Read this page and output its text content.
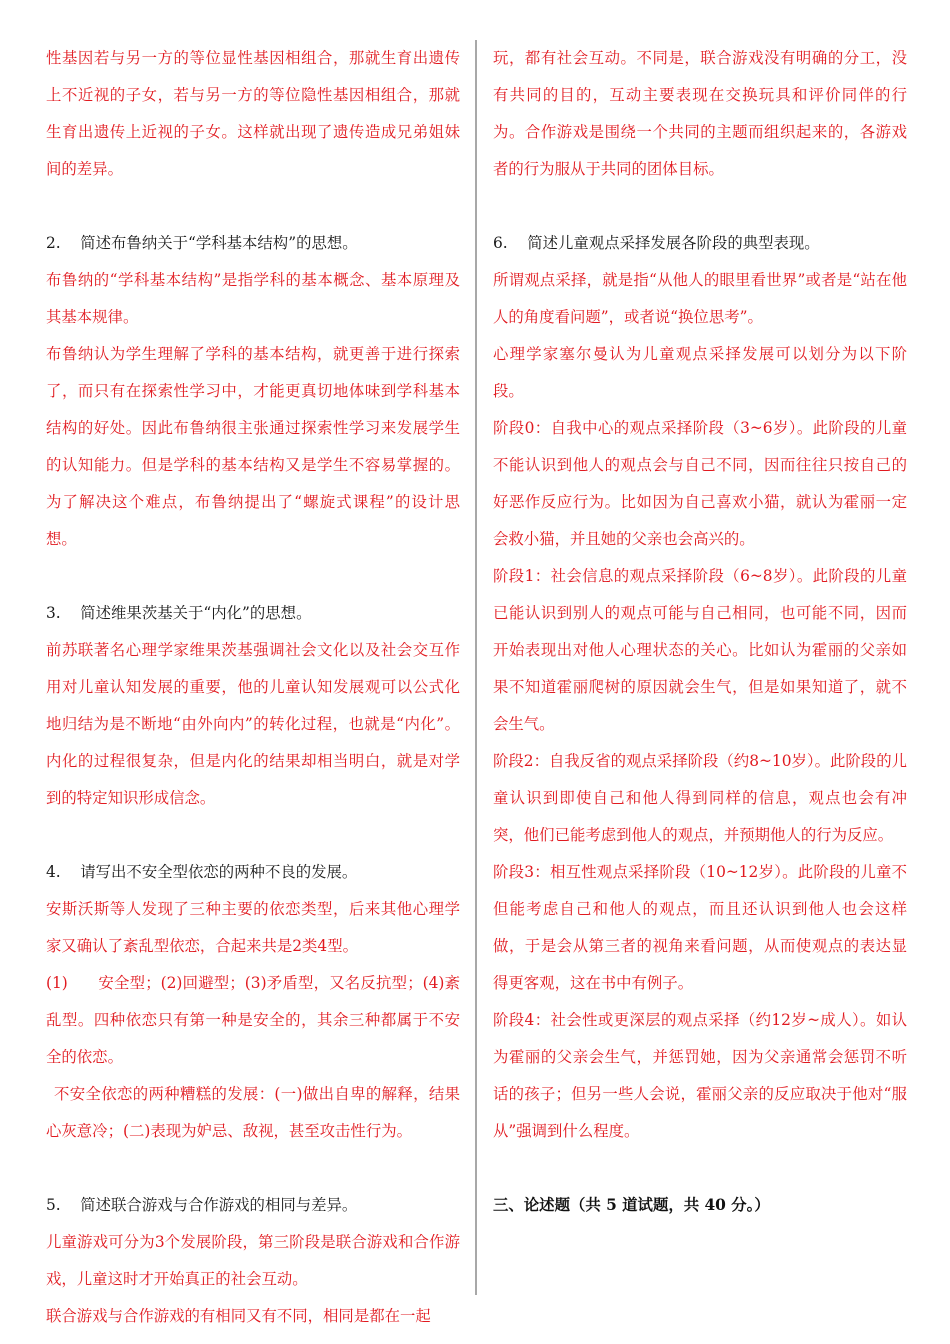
性基因若与另一方的等位显性基因相组合，那就生育出遗传上不近视的子女，若与另一方的等位隐性基因相组合，那就生育出遗传上近视的子女。这样就出现了遗传造成兄弟姐妹间的差异。

2.    简述布鲁纳关于“学科基本结构”的思想。

布鲁纳的“学科基本结构”是指学科的基本概念、基本原理及其基本规律。

布鲁纳认为学生理解了学科的基本结构，就更善于进行探索了，而只有在探索性学习中，才能更真切地体味到学科基本结构的好处。因此布鲁纳很主张通过探索性学习来发展学生的认知能力。但是学科的基本结构又是学生不容易掌握的。为了解决这个难点，布鲁纳提出了“螺旋式课程”的设计思想。

3.    简述维果茨基关于“内化”的思想。

前苏联著名心理学家维果茨基强调社会文化以及社会交互作用对儿童认知发展的重要，他的儿童认知发展观可以公式化地归结为是不断地“由外向内”的转化过程，也就是“内化”。内化的过程很复杂，但是内化的结果却相当明白，就是对学到的特定知识形成信念。

4.    请写出不安全型依恋的两种不良的发展。

安斯沃斯等人发现了三种主要的依恋类型，后来其他心理学家又确认了紊乱型依恋，合起来共是2类4型。

(1)      安全型；(2)回避型；(3)矛盾型，又名反抗型；(4)紊乱型。四种依恋只有第一种是安全的，其余三种都属于不安全的依恋。

不安全依恋的两种糟糕的发展：(一)做出自卑的解释，结果心灰意冷；(二)表现为妒忌、敌视，甚至攻击性行为。

5.    简述联合游戏与合作游戏的相同与差异。

儿童游戏可分为3个发展阶段，第三阶段是联合游戏和合作游戏，儿童这时才开始真正的社会互动。

联合游戏与合作游戏的有相同又有不同，相同是都在一起

玩，都有社会互动。不同是，联合游戏没有明确的分工，没有共同的目的，互动主要表现在交换玩具和评价同伴的行为。合作游戏是围绕一个共同的主题而组织起来的，各游戏者的行为服从于共同的团体目标。

6.    简述儿童观点采择发展各阶段的典型表现。

所谓观点采择，就是指“从他人的眼里看世界”或者是“站在他人的角度看问题”，或者说“换位思考”。

心理学家塞尔曼认为儿童观点采择发展可以划分为以下阶段。

阶段0：自我中心的观点采择阶段（3~6岁）。此阶段的儿童不能认识到他人的观点会与自己不同，因而往往只按自己的好恶作反应行为。比如因为自己喜欢小猫，就认为霍丽一定会救小猫，并且她的父亲也会高兴的。

阶段1：社会信息的观点采择阶段（6~8岁）。此阶段的儿童已能认识到别人的观点可能与自己相同，也可能不同，因而开始表现出对他人心理状态的关心。比如认为霍丽的父亲如果不知道霍丽爬树的原因就会生气，但是如果知道了，就不会生气。

阶段2：自我反省的观点采择阶段（约8~10岁）。此阶段的儿童认识到即使自己和他人得到同样的信息，观点也会有冲突，他们已能考虑到他人的观点，并预期他人的行为反应。

阶段3：相互性观点采择阶段（10~12岁）。此阶段的儿童不但能考虑自己和他人的观点，而且还认识到他人也会这样做，于是会从第三者的视角来看问题，从而使观点的表达显得更客观，这在书中有例子。

阶段4：社会性或更深层的观点采择（约12岁~成人）。如认为霍丽的父亲会生气，并惩罚她，因为父亲通常会惩罚不听话的孩子；但另一些人会说，霍丽父亲的反应取决于他对“服从”强调到什么程度。

三、论述题（共 5 道试题，共 40 分。）
